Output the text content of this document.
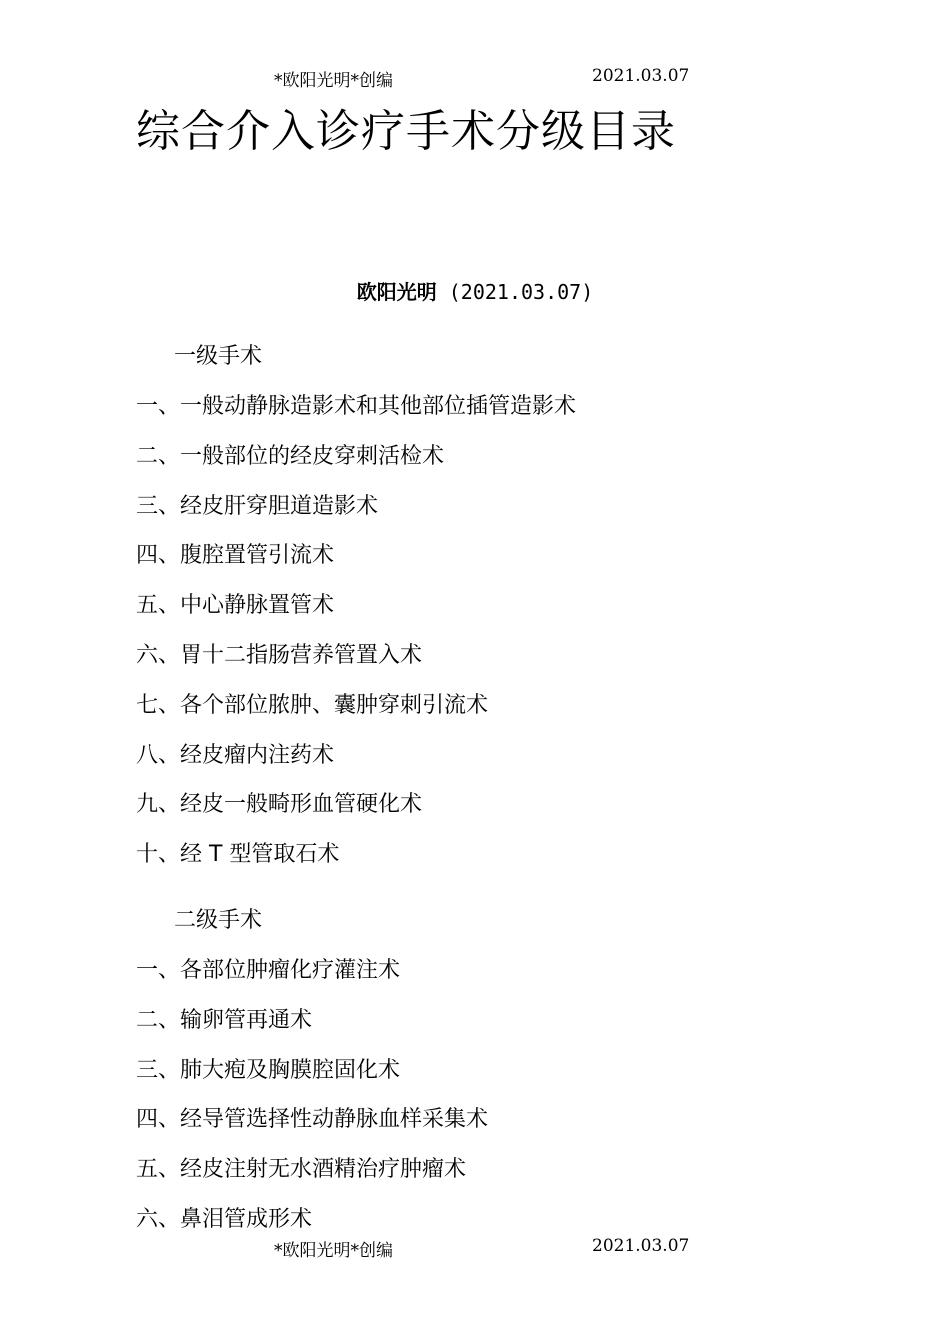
*欧阳光明*创编	2021.03.07
综合介入诊疗手术分级目录
欧阳光明 (2021.03.07)
一级手术
一、一般动静脉造影术和其他部位插管造影术
二、一般部位的经皮穿刺活检术
三、经皮肝穿胆道造影术
四、腹腔置管引流术
五、中心静脉置管术
六、胃十二指肠营养管置入术
七、各个部位脓肿、囊肿穿刺引流术
八、经皮瘤内注药术
九、经皮一般畸形血管硬化术
十、经 T 型管取石术
二级手术
一、各部位肿瘤化疗灌注术
二、输卵管再通术
三、肺大疱及胸膜腔固化术
四、经导管选择性动静脉血样采集术
五、经皮注射无水酒精治疗肿瘤术
六、鼻泪管成形术
*欧阳光明*创编	2021.03.07
